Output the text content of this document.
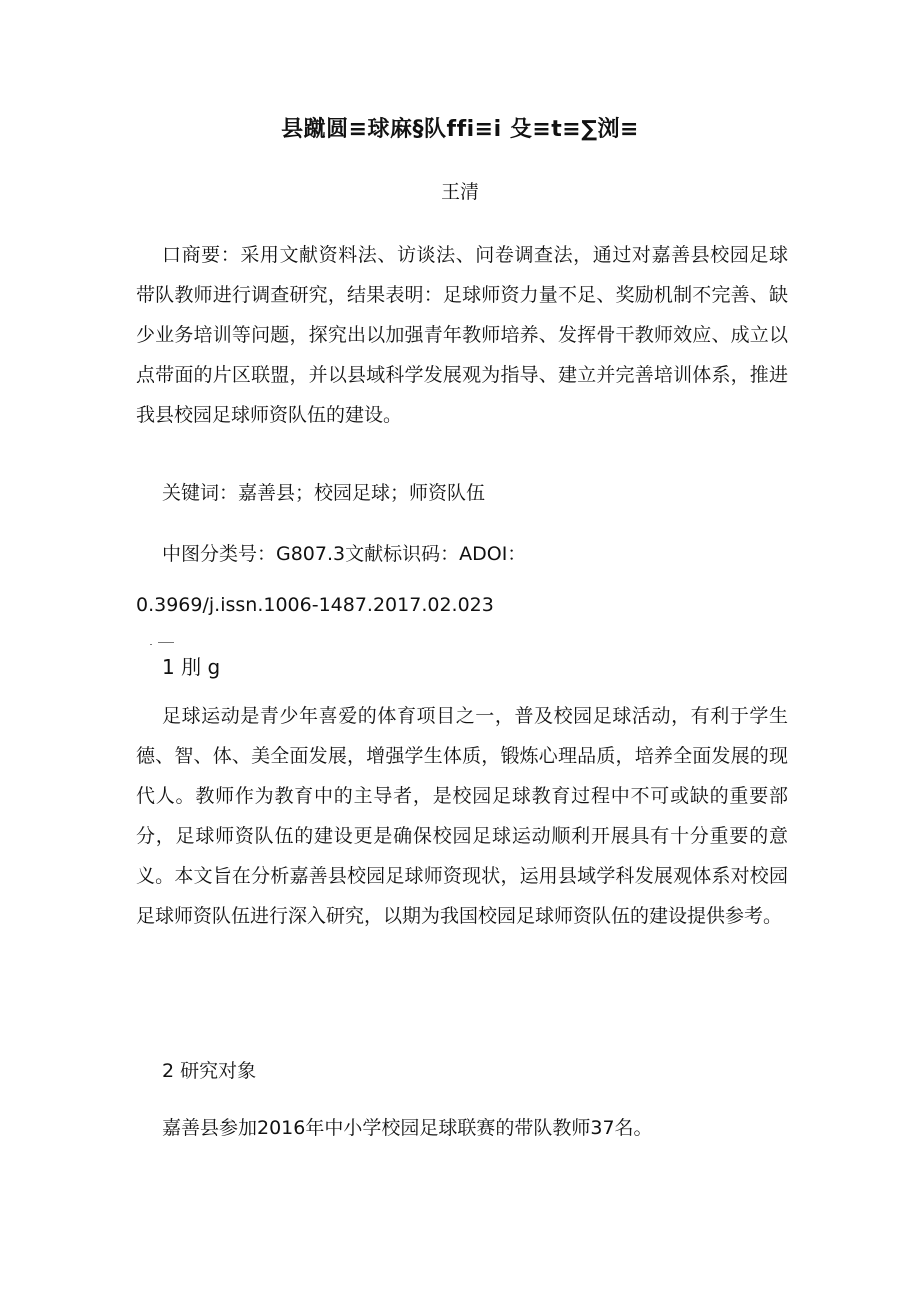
县蹴圆≡球麻§队ffi≡i 殳≡t≡∑浏≡
王清
口商要：采用文献资料法、访谈法、问卷调查法，通过对嘉善县校园足球带队教师进行调查研究，结果表明：足球师资力量不足、奖励机制不完善、缺少业务培训等问题，探究出以加强青年教师培养、发挥骨干教师效应、成立以点带面的片区联盟，并以县域科学发展观为指导、建立并完善培训体系，推进我县校园足球师资队伍的建设。
关键词：嘉善县；校园足球；师资队伍
中图分类号：G807.3文献标识码：ADOI：
0.3969/j.issn.1006-1487.2017.02.023
1 刖 g
足球运动是青少年喜爱的体育项目之一，普及校园足球活动，有利于学生德、智、体、美全面发展，增强学生体质，锻炼心理品质，培养全面发展的现代人。教师作为教育中的主导者，是校园足球教育过程中不可或缺的重要部分，足球师资队伍的建设更是确保校园足球运动顺利开展具有十分重要的意义。本文旨在分析嘉善县校园足球师资现状，运用县域学科发展观体系对校园足球师资队伍进行深入研究，以期为我国校园足球师资队伍的建设提供参考。
2 研究对象
嘉善县参加2016年中小学校园足球联赛的带队教师37名。
